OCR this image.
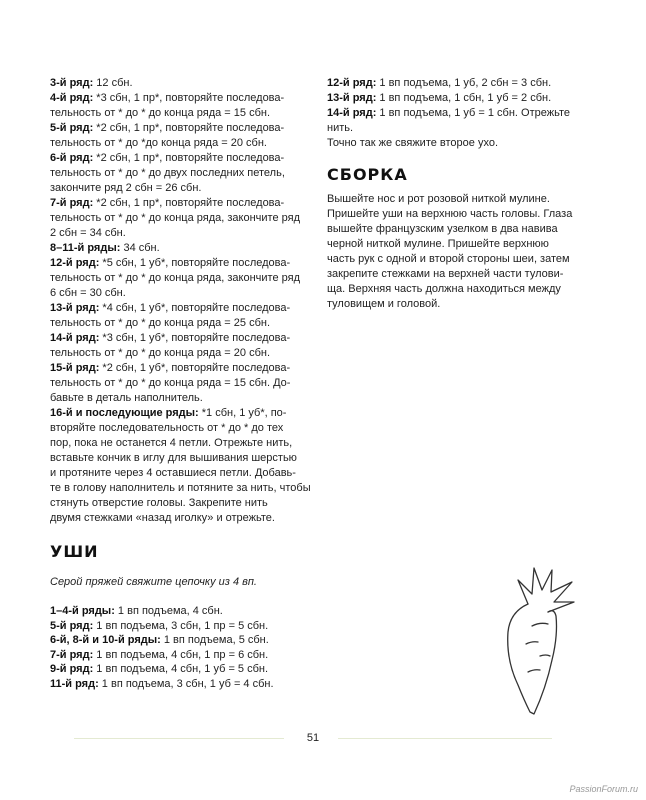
3-й ряд: 12 сбн.

4-й ряд: *3 сбн, 1 пр*, повторяйте последова-

тельность от * до * до конца ряда = 15 сбн.

5-й ряд: *2 сбн, 1 пр*, повторяйте последова-

тельность от * до *до конца ряда = 20 сбн.

6-й ряд: *2 сбн, 1 пр*, повторяйте последова-

тельность от * до * до двух последних петель,

закончите ряд 2 сбн = 26 сбн.

7-й ряд: *2 сбн, 1 пр*, повторяйте последова-

тельность от * до * до конца ряда, закончите ряд

2 сбн = 34 сбн.

8–11-й ряды: 34 сбн.

12-й ряд: *5 сбн, 1 уб*, повторяйте последова-

тельность от * до * до конца ряда, закончите ряд

6 сбн = 30 сбн.

13-й ряд: *4 сбн, 1 уб*, повторяйте последова-

тельность от * до * до конца ряда = 25 сбн.

14-й ряд: *3 сбн, 1 уб*, повторяйте последова-

тельность от * до * до конца ряда = 20 сбн.

15-й ряд: *2 сбн, 1 уб*, повторяйте последова-

тельность от * до * до конца ряда = 15 сбн. До-

бавьте в деталь наполнитель.

16-й и последующие ряды: *1 сбн, 1 уб*, по-

вторяйте последовательность от * до * до тех

пор, пока не останется 4 петли. Отрежьте нить,

вставьте кончик в иглу для вышивания шерстью

и протяните через 4 оставшиеся петли. Добавь-

те в голову наполнитель и потяните за нить, чтобы

стянуть отверстие головы. Закрепите нить

двумя стежками «назад иголку» и отрежьте.

УШИ
Серой пряжей свяжите цепочку из 4 вп.

1–4-й ряды: 1 вп подъема, 4 сбн.

5-й ряд: 1 вп подъема, 3 сбн, 1 пр = 5 сбн.

6-й, 8-й и 10-й ряды: 1 вп подъема, 5 сбн.

7-й ряд: 1 вп подъема, 4 сбн, 1 пр = 6 сбн.

9-й ряд: 1 вп подъема, 4 сбн, 1 уб = 5 сбн.

11-й ряд: 1 вп подъема, 3 сбн, 1 уб = 4 сбн.

12-й ряд: 1 вп подъема, 1 уб, 2 сбн = 3 сбн.

13-й ряд: 1 вп подъема, 1 сбн, 1 уб = 2 сбн.

14-й ряд: 1 вп подъема, 1 уб = 1 сбн. Отрежьте

нить.

Точно так же свяжите второе ухо.

СБОРКА

Вышейте нос и рот розовой ниткой мулине.

Пришейте уши на верхнюю часть головы. Глаза

вышейте французским узелком в два навива

черной ниткой мулине. Пришейте верхнюю

часть рук с одной и второй стороны шеи, затем

закрепите стежками на верхней части тулови-

ща. Верхняя часть должна находиться между

туловищем и головой.

51
PassionForum.ru
